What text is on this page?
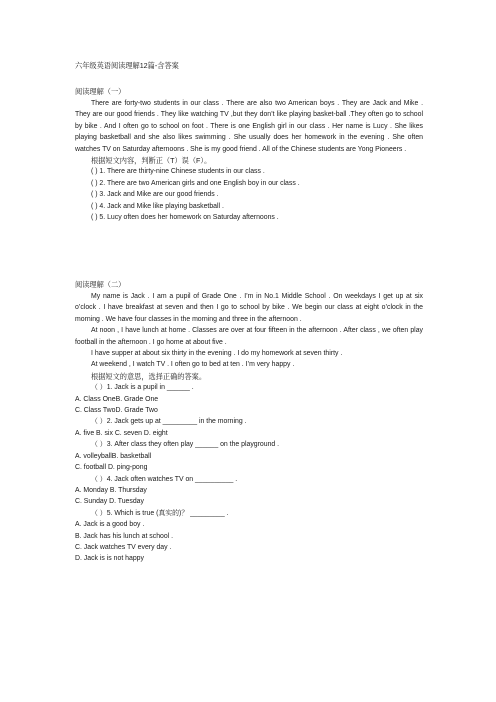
六年级英语阅读理解12篇-含答案
阅读理解（一）

There are forty-two students in our class . There are also two American boys . They are Jack and Mike . They are our good friends . They like watching TV ,but they don’t like playing basket-ball .They often go to school by bike . And I often go to school on foot . There is one English girl in our class . Her name is Lucy . She likes playing basketball and she also likes swimming . She usually does her homework in the evening . She often watches TV on Saturday afternoons . She is my good friend . All of the Chinese students are Yong Pioneers .

根据短文内容，判断正（T）误（F）。

( ) 1. There are thirty-nine Chinese students in our class .

( ) 2. There are two American girls and one English boy in our class .

( ) 3. Jack and Mike are our good friends .

( ) 4. Jack and Mike like playing basketball .

( ) 5. Lucy often does her homework on Saturday afternoons .

阅读理解（二）

My name is Jack . I am a pupil of Grade One . I’m in No.1 Middle School . On weekdays I get up at six o’clock . I have breakfast at seven and then I go to school by bike . We begin our class at eight o’clock in the morning . We have four classes in the morning and three in the afternoon .

At noon , I have lunch at home . Classes are over at four fifteen in the afternoon . After class , we often play football in the afternoon . I go home at about five .

I have supper at about six thirty in the evening . I do my homework at seven thirty .

At weekend , I watch TV . I often go to bed at ten . I’m very happy .

根据短文的意思，选择正确的答案。

（ ）1. Jack is a pupil in ______ .

A. Class OneB. Grade One

C. Class TwoD. Grade Two

（ ）2. Jack gets up at _________ in the morning .

A. five B. six C. seven D. eight

（ ）3. After class they often play ______ on the playground .

A. volleyballB. basketball

C. football D. ping-pong

（ ）4. Jack often watches TV on __________ .

A. Monday B. Thursday

C. Sunday D. Tuesday

（ ）5. Which is true (真实的)？ _________ .

A. Jack is a good boy .

B. Jack has his lunch at school .

C. Jack watches TV every day .

D. Jack is is not happy
